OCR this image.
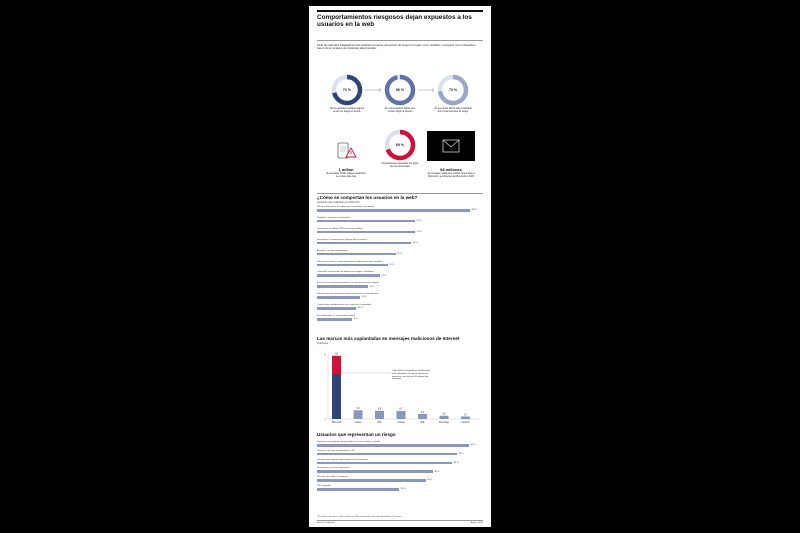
Comportamientos riesgosos dejan expuestos a los usuarios en la web
Siete de cada diez trabajadores han realizado al menos una acción de riesgo en la web, como reutilizar o compartir una contraseña o hacer clic en enlaces de remitentes desconocidos
1 millón
de mensajes TOAD (ataque telefónico) se envían cada mes
68 millones
de mensajes maliciosos incluían referencias a Microsoft y a productos de Microsoft en 2023
¿Cómo se comportan los usuarios en la web?
Acciones que realizaron en 2023 (%)
Las marcas más suplantadas en mensajes maliciosos de Internet
(millones)
0
70	68
Microsoft
9,4
Adobe
8,9
DHL
8,7
Google
5,4
AOL
3,5
DocuSign
2,7
Amazon
Office 365 fue el producto de Microsoft más utilizado en el correo electrónico malicioso, con más de 20 millones de mensajes.
Usuarios que representan un riesgo
*El informe consultó a 7.500 usuarios y 1.050 profesionales de ciberseguridad en 15 países
Fuente: Proofpoint	Agencia EFE
71 %
De los usuarios realizaron alguna acción de riesgo en la web
96 %
De estos usuarios sabían que corrían riesgo al hacerlo
73 %
De ese grupo afirmó haber realizado dos o más acciones de riesgo
69 %
Organizaciones afectadas por algún tipo de ransomware
Utilizó el dispositivo de trabajo para actividades personales
39 %
Reutilizó o compartió contraseñas
25 %
Conectarse sin utilizar VPN en un lugar público
25 %
Responder a un mensaje de alguien que no conoce
24 %
Accedió a un sitio web inseguro
20 %
Hizo clic en enlaces o descargó archivos adjuntos de desconocidos
18 %
Compartió el dispositivo de trabajo con amigos o familiares
16 %
Envió a un correo desconocido en un correo electrónico urgente
13 %
Permitir que otras personas entren en la oficina sin identificarse
11 %
Cargar datos confidenciales en la nube de su propiedad
10 %
Dar credenciales a una fuente no fiable
9 %
Usuarios con privilegios empresariales o acceso a datos o fraude
63 %
Usuarios a los que los guardarían VIPs
58 %
Usuarios que estaban relacionados con la formación
56 %
Proveedores y socios conectados
48 %
Personas que dejan la empresa
45 %
VIPs vigilados
34 %
